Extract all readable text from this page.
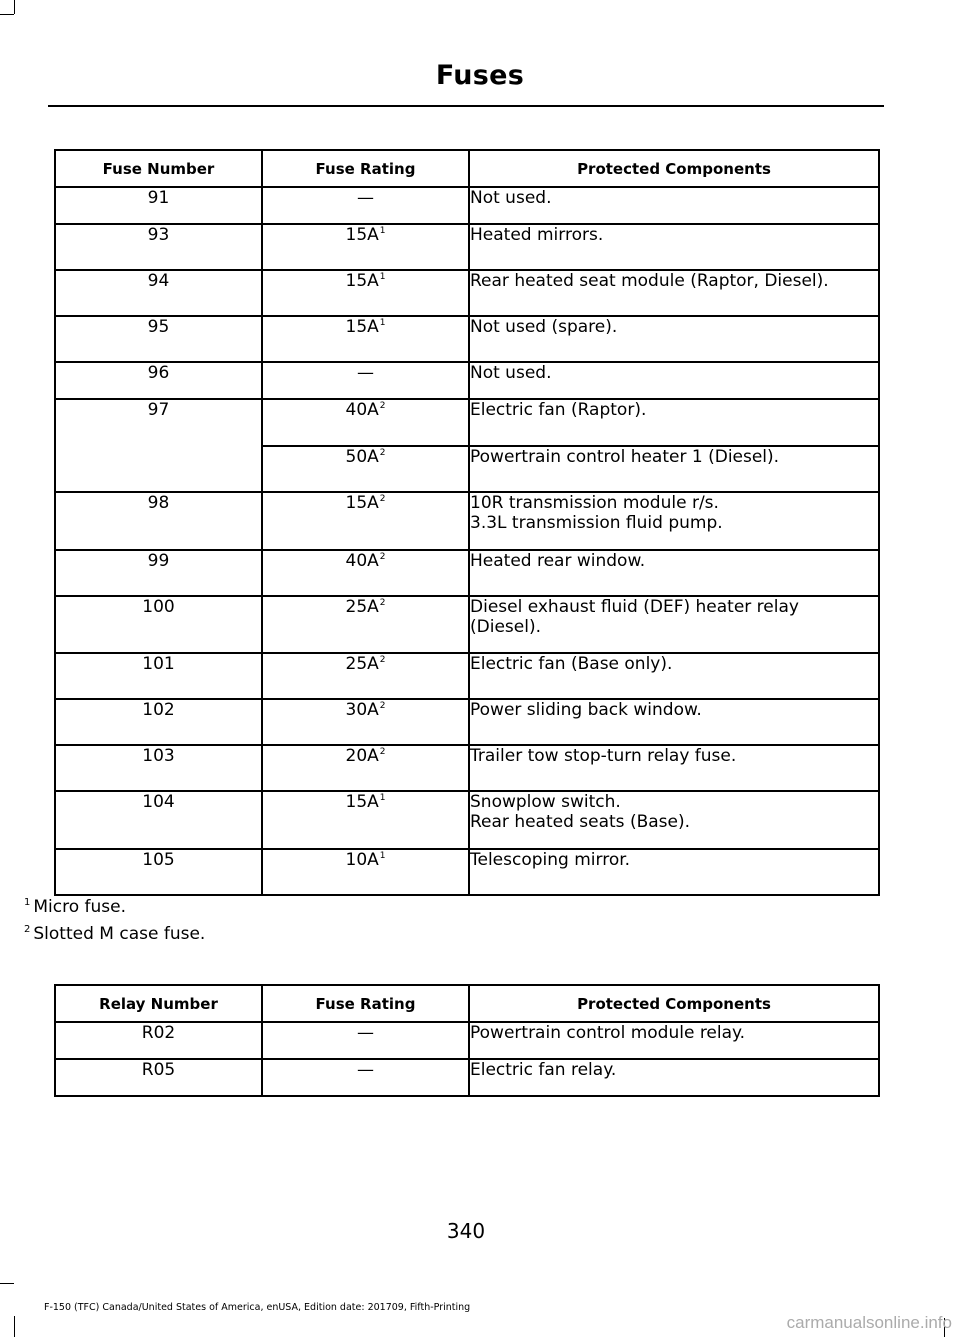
Fuses
Fuse Number	Fuse Rating	Protected Components
91	—	Not used.

93	$15A^1$	Heated mirrors.

94	$15A^1$	Rear heated seat module (Raptor, Diesel).

95	$15A^1$	Not used (spare).

96	—	Not used.

97	$40A^2$	Electric fan (Raptor).

	$50A^2$	Powertrain control heater 1 (Diesel).

98	$15A^2$	10R transmission module r/s.
3.3L transmission fluid pump.

99	$40A^2$	Heated rear window.

100	$25A^2$	Diesel exhaust fluid (DEF) heater relay
(Diesel).

101	$25A^2$	Electric fan (Base only).

102	$30A^2$	Power sliding back window.

103	$20A^2$	Trailer tow stop-turn relay fuse.

104	$15A^1$	Snowplow switch.
Rear heated seats (Base).

105	$10A^1$	Telescoping mirror.
$^1$ Micro fuse.
$^2$ Slotted M case fuse.
Relay Number	Fuse Rating	Protected Components
R02	—	Powertrain control module relay.
R05	—	Electric fan relay.
340
F-150 (TFC) Canada/United States of America, enUSA, Edition date: 201709, Fifth-Printing
carmanualsonline.info
